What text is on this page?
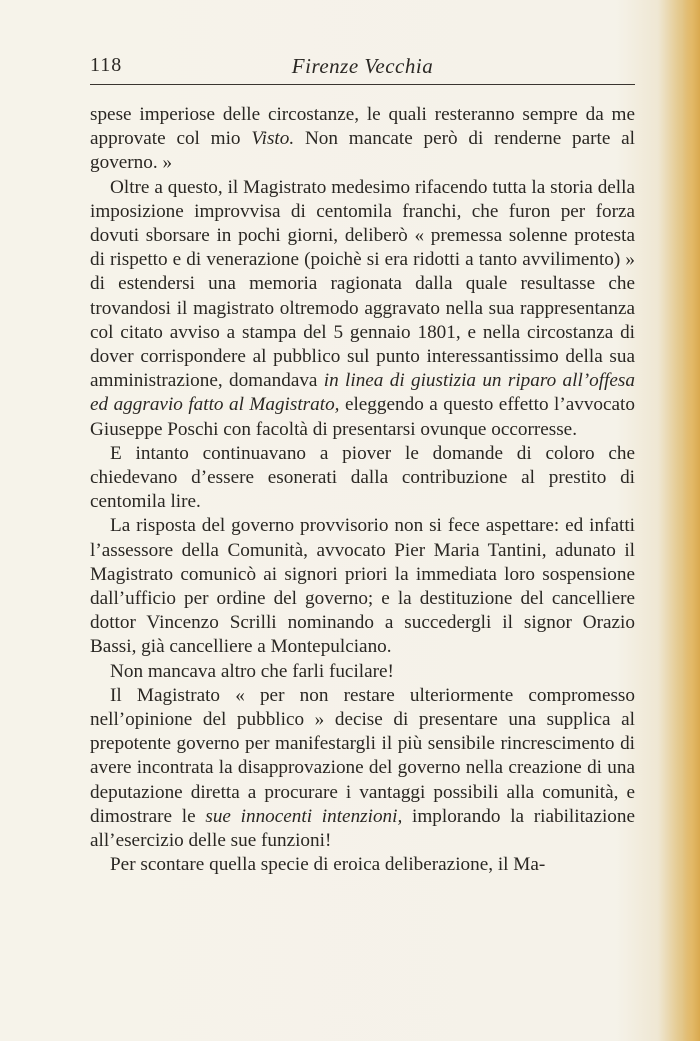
118	Firenze Vecchia

spese imperiose delle circostanze, le quali resteranno sempre da me approvate col mio Visto. Non mancate però di renderne parte al governo. »

Oltre a questo, il Magistrato medesimo rifacendo tutta la storia della imposizione improvvisa di centomila franchi, che furon per forza dovuti sborsare in pochi giorni, deliberò « premessa solenne protesta di rispetto e di venerazione (poichè si era ridotti a tanto avvilimento) » di estendersi una memoria ragionata dalla quale resultasse che trovandosi il magistrato oltremodo aggravato nella sua rappresentanza col citato avviso a stampa del 5 gennaio 1801, e nella circostanza di dover corrispondere al pubblico sul punto interessantissimo della sua amministrazione, domandava in linea di giustizia un riparo all’offesa ed aggravio fatto al Magistrato, eleggendo a questo effetto l’avvocato Giuseppe Poschi con facoltà di presentarsi ovunque occorresse.

E intanto continuavano a piover le domande di coloro che chiedevano d’essere esonerati dalla contribuzione al prestito di centomila lire.

La risposta del governo provvisorio non si fece aspettare: ed infatti l’assessore della Comunità, avvocato Pier Maria Tantini, adunato il Magistrato comunicò ai signori priori la immediata loro sospensione dall’ufficio per ordine del governo; e la destituzione del cancelliere dottor Vincenzo Scrilli nominando a succedergli il signor Orazio Bassi, già cancelliere a Montepulciano.

Non mancava altro che farli fucilare!

Il Magistrato « per non restare ulteriormente compromesso nell’opinione del pubblico » decise di presentare una supplica al prepotente governo per manifestargli il più sensibile rincrescimento di avere incontrata la disapprovazione del governo nella creazione di una deputazione diretta a procurare i vantaggi possibili alla comunità, e dimostrare le sue innocenti intenzioni, implorando la riabilitazione all’esercizio delle sue funzioni!

Per scontare quella specie di eroica deliberazione, il Ma-
